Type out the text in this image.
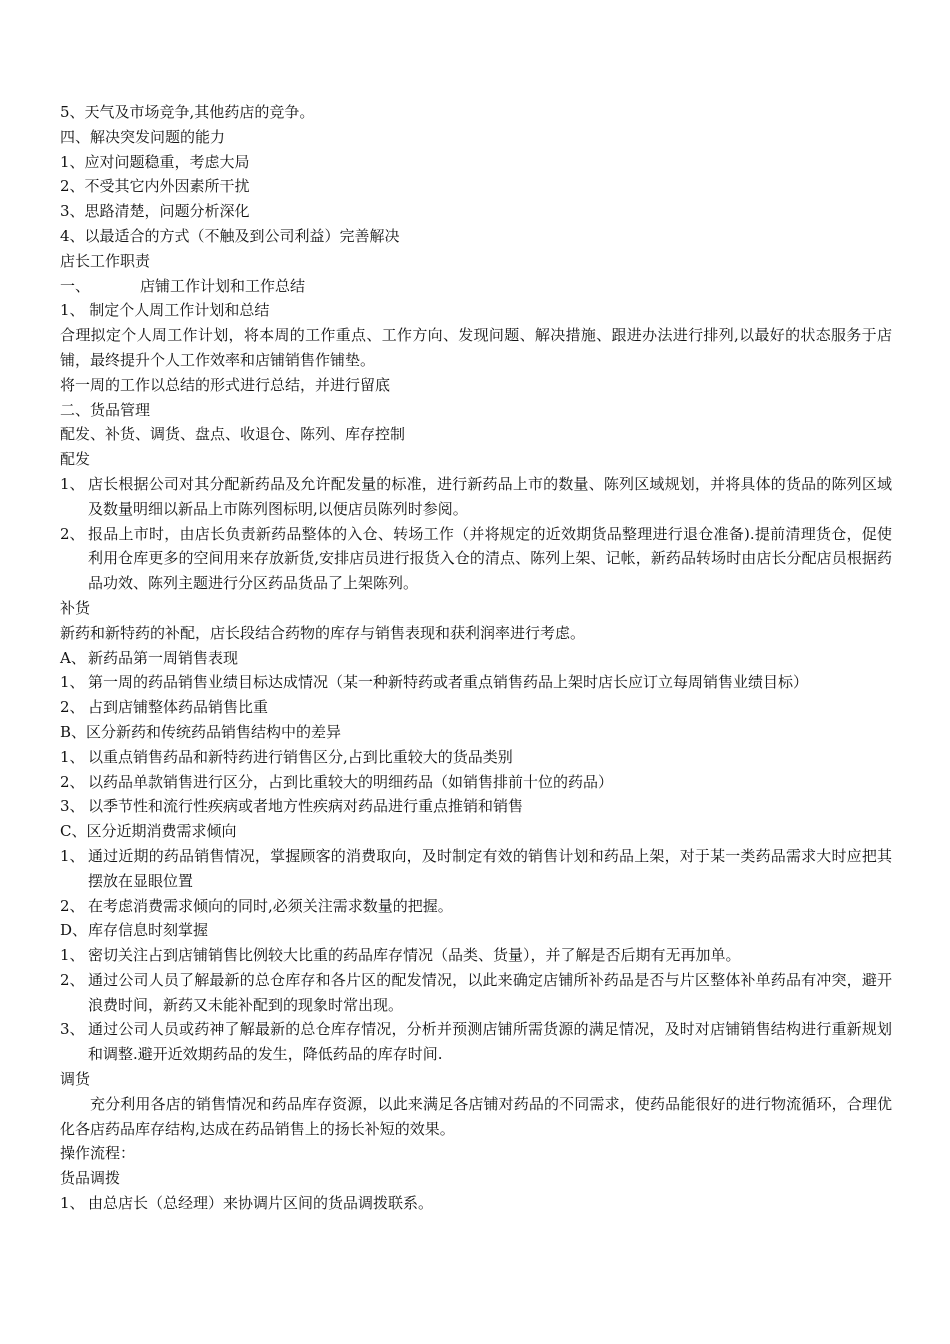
5、天气及市场竞争,其他药店的竞争。
四、解决突发问题的能力
1、应对问题稳重，考虑大局
2、不受其它内外因素所干扰
3、思路清楚，问题分析深化
4、以最适合的方式（不触及到公司利益）完善解决
店长工作职责
一、	店铺工作计划和工作总结
1、 制定个人周工作计划和总结
合理拟定个人周工作计划，将本周的工作重点、工作方向、发现问题、解决措施、跟进办法进行排列,以最好的状态服务于店铺，最终提升个人工作效率和店铺销售作铺垫。
将一周的工作以总结的形式进行总结，并进行留底
二、货品管理
配发、补货、调货、盘点、收退仓、陈列、库存控制
配发
1、 店长根据公司对其分配新药品及允许配发量的标准，进行新药品上市的数量、陈列区域规划，并将具体的货品的陈列区域及数量明细以新品上市陈列图标明,以便店员陈列时参阅。
2、 报品上市时，由店长负责新药品整体的入仓、转场工作（并将规定的近效期货品整理进行退仓准备).提前清理货仓，促使利用仓库更多的空间用来存放新货,安排店员进行报货入仓的清点、陈列上架、记帐，新药品转场时由店长分配店员根据药品功效、陈列主题进行分区药品货品了上架陈列。
补货
新药和新特药的补配，店长段结合药物的库存与销售表现和获利润率进行考虑。
A、 新药品第一周销售表现
1、 第一周的药品销售业绩目标达成情况（某一种新特药或者重点销售药品上架时店长应订立每周销售业绩目标）
2、 占到店铺整体药品销售比重
B、区分新药和传统药品销售结构中的差异
1、 以重点销售药品和新特药进行销售区分,占到比重较大的货品类别
2、 以药品单款销售进行区分，占到比重较大的明细药品（如销售排前十位的药品）
3、 以季节性和流行性疾病或者地方性疾病对药品进行重点推销和销售
C、区分近期消费需求倾向
1、 通过近期的药品销售情况，掌握顾客的消费取向，及时制定有效的销售计划和药品上架，对于某一类药品需求大时应把其摆放在显眼位置
2、 在考虑消费需求倾向的同时,必须关注需求数量的把握。
D、 库存信息时刻掌握
1、 密切关注占到店铺销售比例较大比重的药品库存情况（品类、货量），并了解是否后期有无再加单。
2、 通过公司人员了解最新的总仓库存和各片区的配发情况，以此来确定店铺所补药品是否与片区整体补单药品有冲突，避开浪费时间，新药又未能补配到的现象时常出现。
3、 通过公司人员或药神了解最新的总仓库存情况，分析并预测店铺所需货源的满足情况，及时对店铺销售结构进行重新规划和调整.避开近效期药品的发生，降低药品的库存时间.
调货
充分利用各店的销售情况和药品库存资源，以此来满足各店铺对药品的不同需求，使药品能很好的进行物流循环，合理优化各店药品库存结构,达成在药品销售上的扬长补短的效果。
操作流程：
货品调拨
1、 由总店长（总经理）来协调片区间的货品调拨联系。
